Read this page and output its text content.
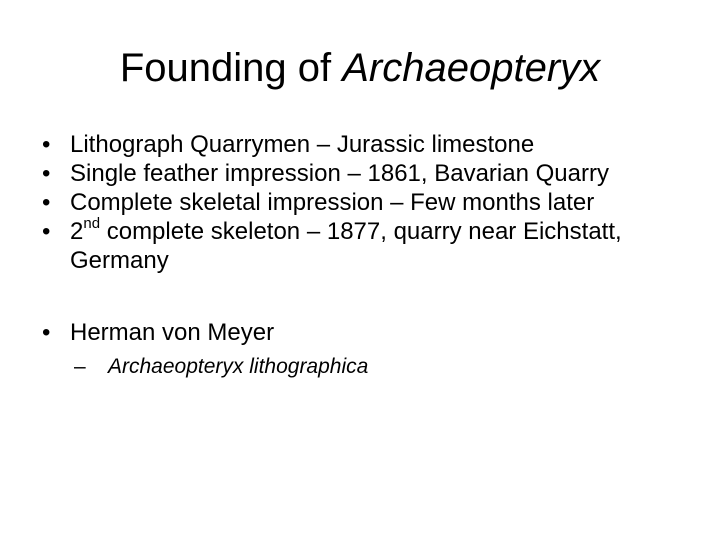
Founding of Archaeopteryx
• Lithograph Quarrymen – Jurassic limestone
• Single feather impression – 1861, Bavarian Quarry
• Complete skeletal impression – Few months later
• 2nd complete skeleton – 1877, quarry near Eichstatt, Germany
• Herman von Meyer
– Archaeopteryx lithographica
